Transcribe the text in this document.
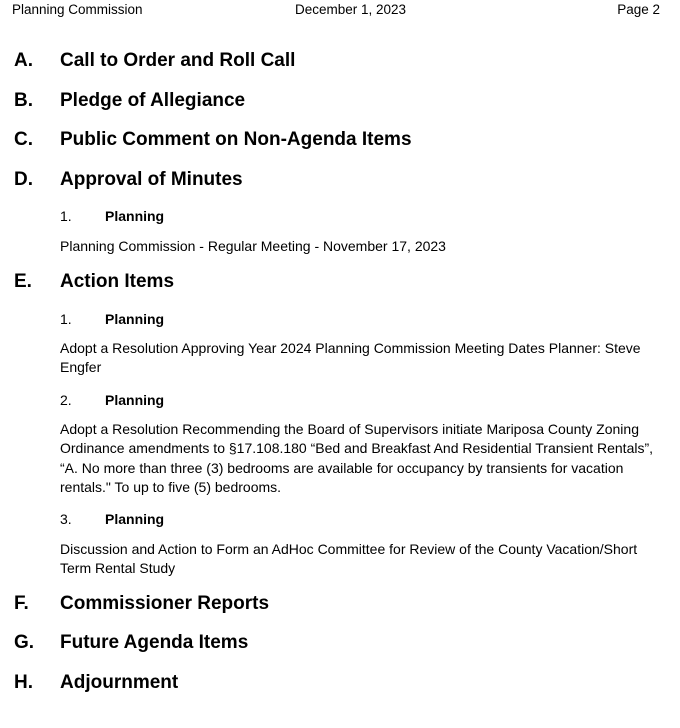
Planning Commission	December 1, 2023	Page 2
A.	Call to Order and Roll Call
B.	Pledge of Allegiance
C.	Public Comment on Non-Agenda Items
D.	Approval of Minutes
1. Planning
Planning Commission - Regular Meeting - November 17, 2023
E.	Action Items
1. Planning
Adopt a Resolution Approving Year 2024 Planning Commission Meeting Dates Planner: Steve Engfer
2. Planning
Adopt a Resolution Recommending the Board of Supervisors initiate Mariposa County Zoning Ordinance amendments to §17.108.180 “Bed and Breakfast And Residential Transient Rentals”, “A. No more than three (3) bedrooms are available for occupancy by transients for vacation rentals." To up to five (5) bedrooms.
3. Planning
Discussion and Action to Form an AdHoc Committee for Review of the County Vacation/Short Term Rental Study
F.	Commissioner Reports
G.	Future Agenda Items
H.	Adjournment
